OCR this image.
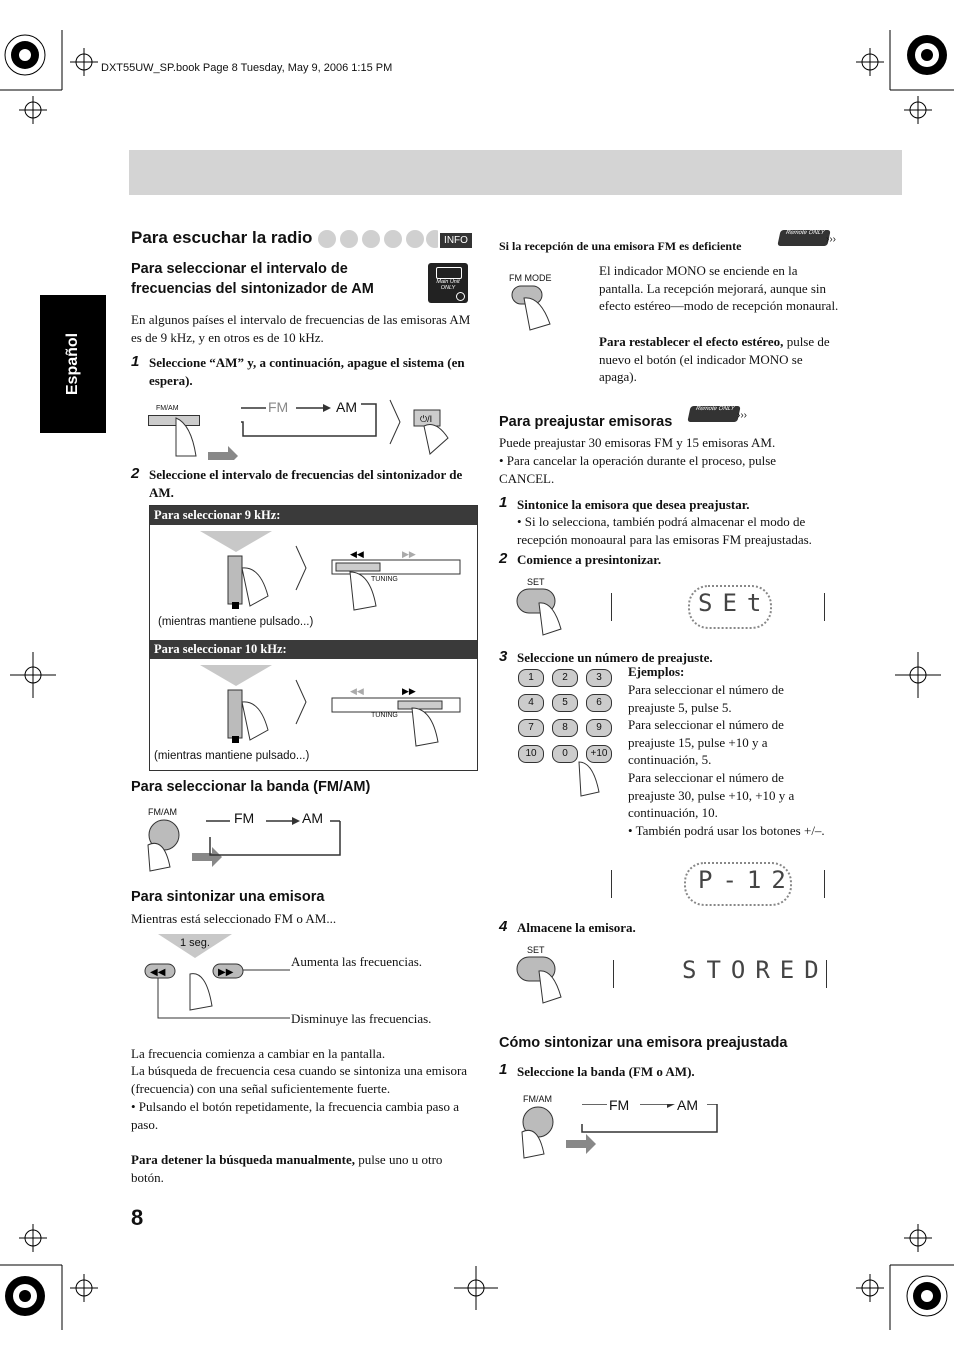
DXT55UW_SP.book Page 8 Tuesday, May 9, 2006 1:15 PM
Español
Para escuchar la radio	INFO
Para seleccionar el intervalo de frecuencias del sintonizador de AM	Main Unit ONLY
En algunos países el intervalo de frecuencias de las emisoras AM es de 9 kHz, y en otros es de 10 kHz.
1 Seleccione “AM” y, a continuación, apague el sistema (en espera).
FM/AM	FM	AM
⏻/I
2 Seleccione el intervalo de frecuencias del sintonizador de AM.
Para seleccionar 9 kHz:
Para seleccionar 10 kHz:
◀◀	▶▶
TUNING
(mientras mantiene pulsado...)
◀◀	▶▶
TUNING
(mientras mantiene pulsado...)
Para seleccionar la banda (FM/AM)
FM/AM	FM	AM
Para sintonizar una emisora
Mientras está seleccionado FM o AM...
◀◀	▶▶
1 seg.
Aumenta las frecuencias.
Disminuye las frecuencias.
La frecuencia comienza a cambiar en la pantalla.
La búsqueda de frecuencia cesa cuando se sintoniza una emisora (frecuencia) con una señal suficientemente fuerte.
• Pulsando el botón repetidamente, la frecuencia cambia paso a paso.
Para detener la búsqueda manualmente, pulse uno u otro botón.
8
Si la recepción de una emisora FM es deficiente
Remote ONLY
›››
FM MODE	El indicador MONO se enciende en la pantalla. La recepción mejorará, aunque sin efecto estéreo—modo de recepción monaural.
Para restablecer el efecto estéreo, pulse de nuevo el botón (el indicador MONO se apaga).
Para preajustar emisoras
Remote ONLY
›››
Puede preajustar 30 emisoras FM y 15 emisoras AM.
• Para cancelar la operación durante el proceso, pulse CANCEL.
1 Sintonice la emisora que desea preajustar.
• Si lo selecciona, también podrá almacenar el modo de recepción monoaural para las emisoras FM preajustadas.
2 Comience a presintonizar.
SET
SEt
3 Seleccione un número de preajuste.
1	2	3
4	5	6
7	8	9
10	0	+10
Ejemplos:
Para seleccionar el número de preajuste 5, pulse 5.
Para seleccionar el número de preajuste 15, pulse +10 y a continuación, 5.
Para seleccionar el número de preajuste 30, pulse +10, +10 y a continuación, 10.
• También podrá usar los botones +/–.
P-12
4 Almacene la emisora.
SET
STORED
Cómo sintonizar una emisora preajustada
1 Seleccione la banda (FM o AM).
FM/AM	FM	AM
